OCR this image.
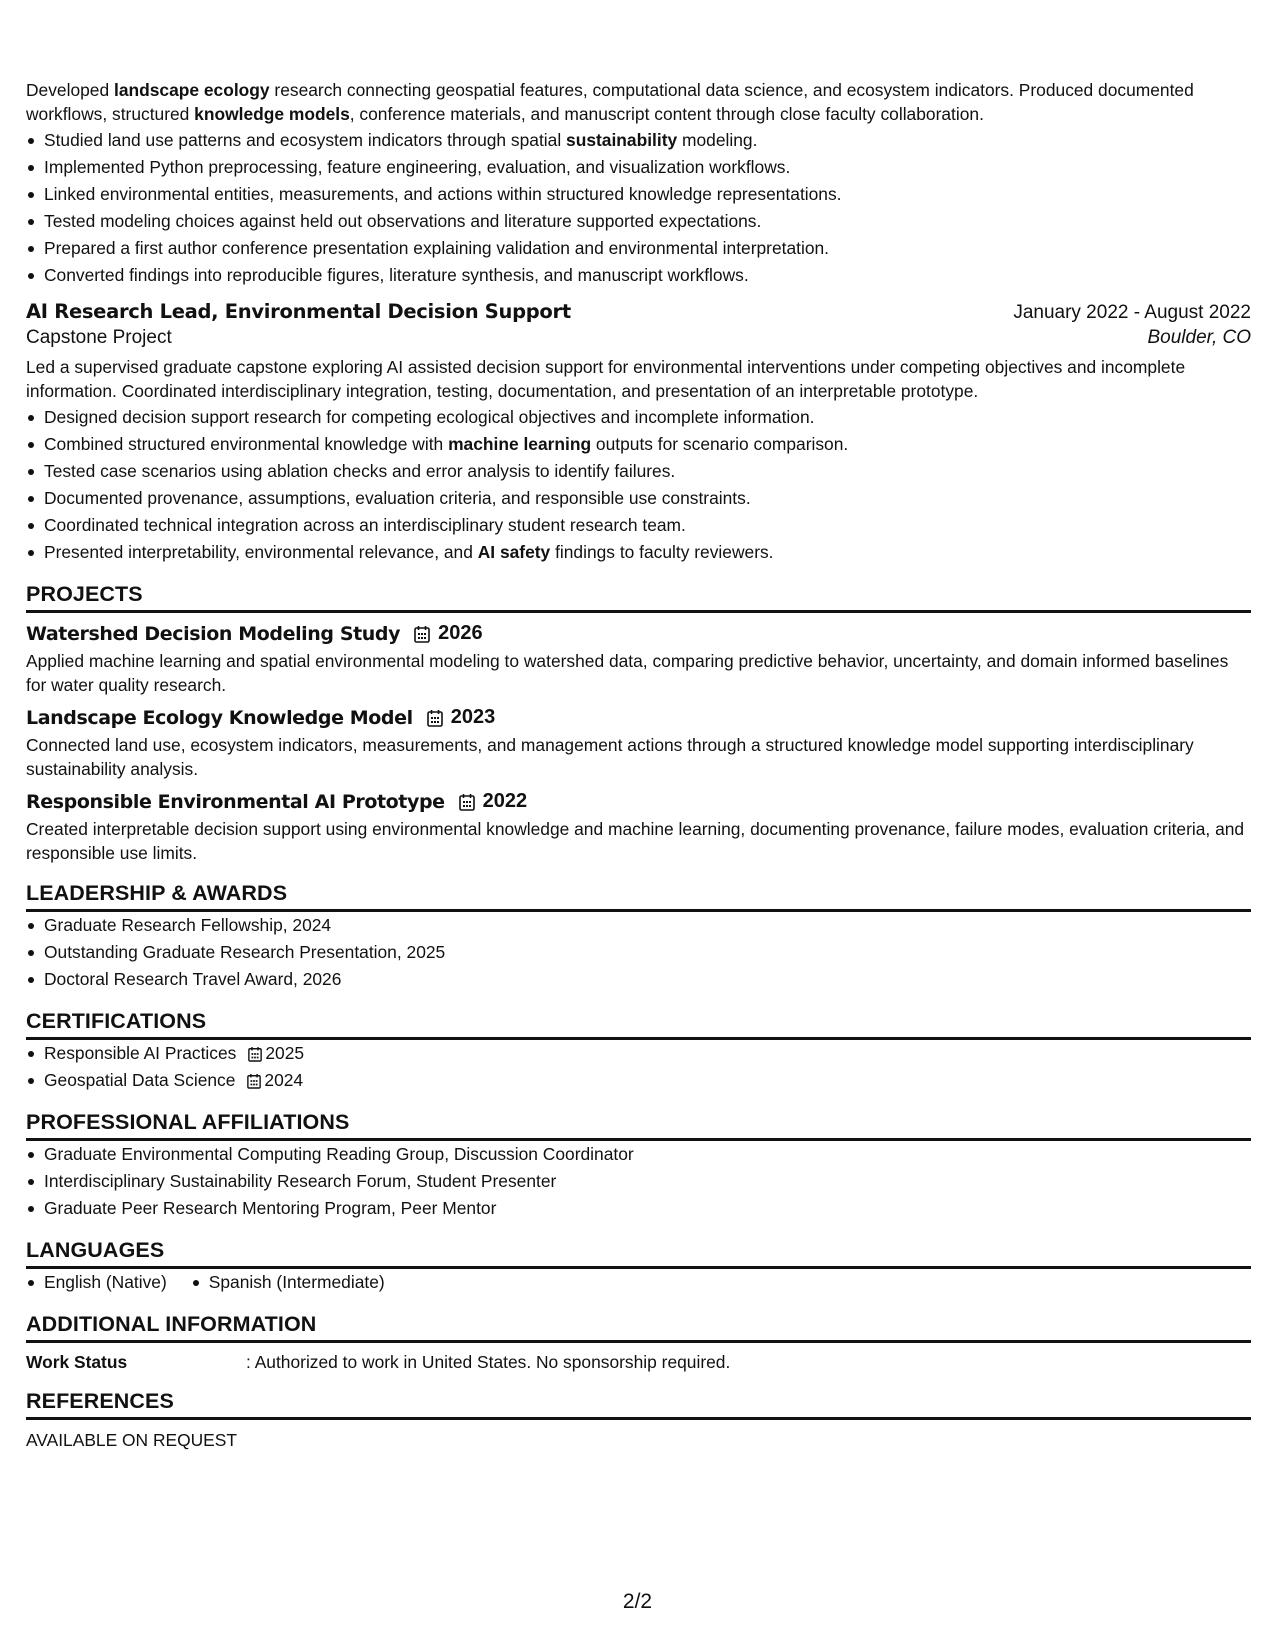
Developed landscape ecology research connecting geospatial features, computational data science, and ecosystem indicators. Produced documented workflows, structured knowledge models, conference materials, and manuscript content through close faculty collaboration.

Studied land use patterns and ecosystem indicators through spatial sustainability modeling.
Implemented Python preprocessing, feature engineering, evaluation, and visualization workflows.
Linked environmental entities, measurements, and actions within structured knowledge representations.
Tested modeling choices against held out observations and literature supported expectations.
Prepared a first author conference presentation explaining validation and environmental interpretation.
Converted findings into reproducible figures, literature synthesis, and manuscript workflows.
AI Research Lead, Environmental Decision Support	January 2022 - August 2022
Capstone Project	Boulder, CO

Led a supervised graduate capstone exploring AI assisted decision support for environmental interventions under competing objectives and incomplete information. Coordinated interdisciplinary integration, testing, documentation, and presentation of an interpretable prototype.

Designed decision support research for competing ecological objectives and incomplete information.
Combined structured environmental knowledge with machine learning outputs for scenario comparison.
Tested case scenarios using ablation checks and error analysis to identify failures.
Documented provenance, assumptions, evaluation criteria, and responsible use constraints.
Coordinated technical integration across an interdisciplinary student research team.
Presented interpretability, environmental relevance, and AI safety findings to faculty reviewers.
PROJECTS
Watershed Decision Modeling Study 2026

Applied machine learning and spatial environmental modeling to watershed data, comparing predictive behavior, uncertainty, and domain informed baselines for water quality research.

Landscape Ecology Knowledge Model 2023

Connected land use, ecosystem indicators, measurements, and management actions through a structured knowledge model supporting interdisciplinary sustainability analysis.

Responsible Environmental AI Prototype 2022

Created interpretable decision support using environmental knowledge and machine learning, documenting provenance, failure modes, evaluation criteria, and responsible use limits.

LEADERSHIP & AWARDS
Graduate Research Fellowship, 2024
Outstanding Graduate Research Presentation, 2025
Doctoral Research Travel Award, 2026
CERTIFICATIONS
Responsible AI Practices 2025
Geospatial Data Science 2024
PROFESSIONAL AFFILIATIONS
Graduate Environmental Computing Reading Group, Discussion Coordinator
Interdisciplinary Sustainability Research Forum, Student Presenter
Graduate Peer Research Mentoring Program, Peer Mentor
LANGUAGES
English (Native)	Spanish (Intermediate)
ADDITIONAL INFORMATION
Work Status	: Authorized to work in United States. No sponsorship required.
REFERENCES
AVAILABLE ON REQUEST
2/2
